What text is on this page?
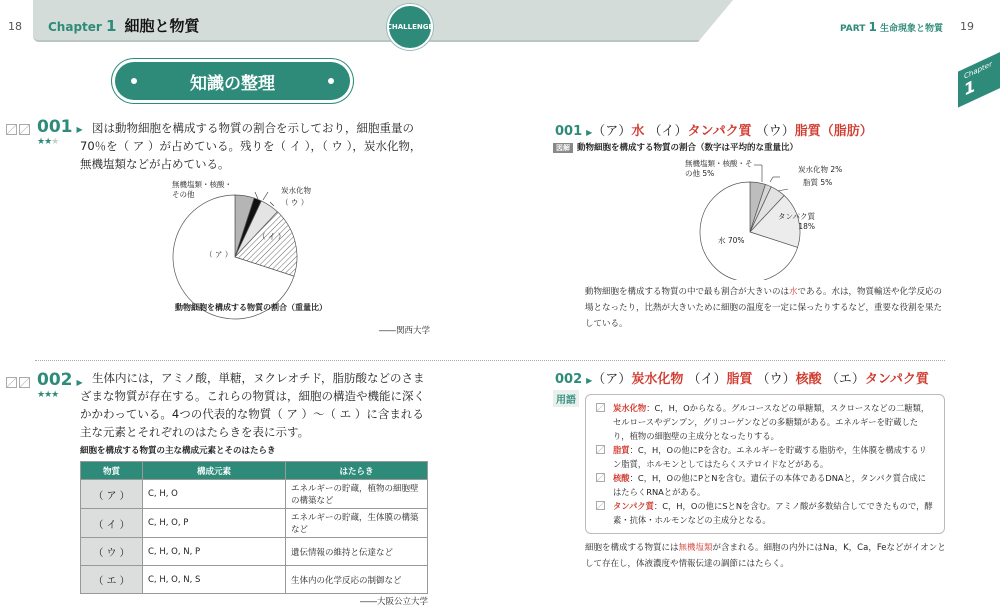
18 Chapter 1 細胞と物質	CHALLENGE	PART 1 生命現象と物質 19
Chapter
1
知識の整理
001 ▶
★★★
図は動物細胞を構成する物質の割合を示しており，細胞重量の70％を（ ア ）が占めている。残りを（ イ ），（ ウ ），炭水化物，無機塩類などが占めている。
無機塩類・核酸・その他	炭水化物
（ ウ ）
（ イ ）
（ ア ）
動物細胞を構成する物質の割合（重量比）
――関西大学
001 ▶（ア）水 （イ）タンパク質 （ウ）脂質（脂肪）
図解 動物細胞を構成する物質の割合（数字は平均的な重量比）
無機塩類・核酸・その他 5%	炭水化物 2%
脂質 5%
タンパク質 18%
水 70%
動物細胞を構成する物質の中で最も割合が大きいのは水である。水は，物質輸送や化学反応の場となったり，比熱が大きいために細胞の温度を一定に保ったりするなど，重要な役割を果たしている。
002 ▶
★★★
生体内には，アミノ酸，単糖，ヌクレオチド，脂肪酸などのさまざまな物質が存在する。これらの物質は，細胞の構造や機能に深くかかわっている。4つの代表的な物質（ ア ）～（ エ ）に含まれる主な元素とそれぞれのはたらきを表に示す。
細胞を構成する物質の主な構成元素とそのはたらき
物質	構成元素	はたらき
（ ア ）	C, H, O	エネルギーの貯蔵，植物の細胞壁の構築など
（ イ ）	C, H, O, P	エネルギーの貯蔵，生体膜の構築など
（ ウ ）	C, H, O, N, P	遺伝情報の維持と伝達など
（ エ ）	C, H, O, N, S	生体内の化学反応の制御など
――大阪公立大学
002 ▶（ア）炭水化物 （イ）脂質 （ウ）核酸 （エ）タンパク質
用語
炭水化物：C，H，Oからなる。グルコースなどの単糖類，スクロースなどの二糖類，セルロースやデンプン，グリコーゲンなどの多糖類がある。エネルギーを貯蔵したり，植物の細胞壁の主成分となったりする。
脂質：C，H，Oの他にPを含む。エネルギーを貯蔵する脂肪や，生体膜を構成するリン脂質，ホルモンとしてはたらくステロイドなどがある。
核酸：C，H，Oの他にPとNを含む。遺伝子の本体であるDNAと，タンパク質合成にはたらくRNAとがある。
タンパク質：C，H，Oの他にSとNを含む。アミノ酸が多数結合してできたもので，酵素・抗体・ホルモンなどの主成分となる。
細胞を構成する物質には無機塩類が含まれる。細胞の内外にはNa，K，Ca，Feなどがイオンとして存在し，体液濃度や情報伝達の調節にはたらく。
